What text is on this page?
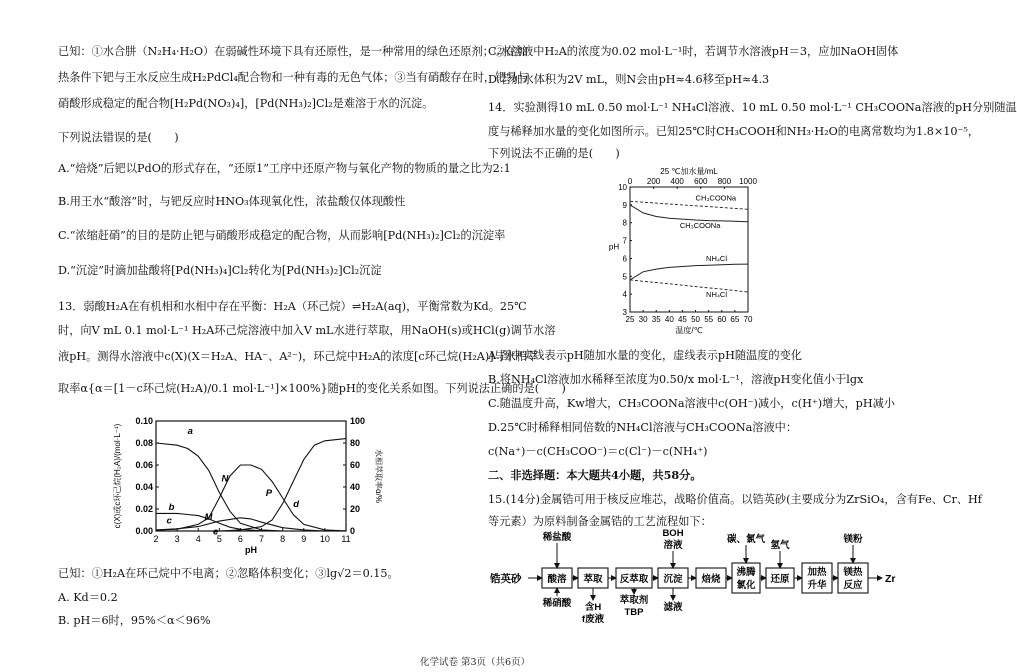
已知：①水合肼（N₂H₄·H₂O）在弱碱性环境下具有还原性，是一种常用的绿色还原剂；②在加
热条件下钯与王水反应生成H₂PdCl₄配合物和一种有毒的无色气体；③当有硝酸存在时，钯易与
硝酸形成稳定的配合物[H₂Pd(NO₃)₄]，[Pd(NH₃)₂]Cl₂是难溶于水的沉淀。
下列说法错误的是(　　)
A.“焙烧”后钯以PdO的形式存在，“还原1”工序中还原产物与氧化产物的物质的量之比为2:1
B.用王水“酸溶”时，与钯反应时HNO₃体现氧化性，浓盐酸仅体现酸性
C.“浓缩赶硝”的目的是防止钯与硝酸形成稳定的配合物，从而影响[Pd(NH₃)₂]Cl₂的沉淀率
D.“沉淀”时滴加盐酸将[Pd(NH₃)₄]Cl₂转化为[Pd(NH₃)₂]Cl₂沉淀
13．弱酸H₂A在有机相和水相中存在平衡：H₂A（环己烷）⇌H₂A(aq)，平衡常数为Kd。25℃
时，向V mL 0.1 mol·L⁻¹ H₂A环己烷溶液中加入V mL水进行萃取，用NaOH(s)或HCl(g)调节水溶
液pH。测得水溶液中c(X)(X＝H₂A、HA⁻、A²⁻)，环己烷中H₂A的浓度[c环己烷(H₂A)]与水相萃
取率α{α＝[1－c环己烷(H₂A)/0.1 mol·L⁻¹]×100%}随pH的变化关系如图。下列说法正确的是(　　)
2 3 4 5 6 7 8 9 10 11
0.00
0.02
0.04
0.06
0.08
0.10
0
20
40
60
80
100
pH
c(X)或c环己烷(H₂A)/(mol·L⁻¹)	水相萃取率α/%
a
b
c
d
e
M
N
P
已知：①H₂A在环己烷中不电离；②忽略体积变化；③lg√2＝0.15。
A. Kd＝0.2
B. pH＝6时，95%＜α＜96%
C.水溶液中H₂A的浓度为0.02 mol·L⁻¹时，若调节水溶液pH＝3，应加NaOH固体
D.若加水体积为2V mL，则N会由pH≈4.6移至pH≈4.3
14．实验测得10 mL 0.50 mol·L⁻¹ NH₄Cl溶液、10 mL 0.50 mol·L⁻¹ CH₃COONa溶液的pH分别随温
度与稀释加水量的变化如图所示。已知25℃时CH₃COOH和NH₃·H₂O的电离常数均为1.8×10⁻⁵，
下列说法不正确的是(　　)
25 30 35 40 45 50 55 60 65 70
0 200 400 600 800 1000
3
4
5
6
7
8
9
10
25 ℃加水量/mL
温度/℃
pH
CH₃COONa
CH₃COONa
NH₄Cl
NH₄Cl
A.图中实线表示pH随加水量的变化，虚线表示pH随温度的变化
B.将NH₄Cl溶液加水稀释至浓度为0.50/x mol·L⁻¹，溶液pH变化值小于lgx
C.随温度升高，Kw增大，CH₃COONa溶液中c(OH⁻)减小，c(H⁺)增大，pH减小
D.25℃时稀释相同倍数的NH₄Cl溶液与CH₃COONa溶液中：
c(Na⁺)－c(CH₃COO⁻)＝c(Cl⁻)－c(NH₄⁺)
二、非选择题：本大题共4小题，共58分。
15.(14分)金属锆可用于核反应堆芯，战略价值高。以锆英砂(主要成分为ZrSiO₄，含有Fe、Cr、Hf
等元素）为原料制备金属锆的工艺流程如下：
锆英砂	酸溶 萃取 反萃取 沉淀 焙烧
沸腾
氯化
还原
加热
升华
镁热
反应
Zr
稀盐酸
稀硝酸
BOH
溶液
碳、氯气
氢气
镁粉
含H
f废液
萃取剂
TBP 滤液
化学试卷 第3页（共6页）
